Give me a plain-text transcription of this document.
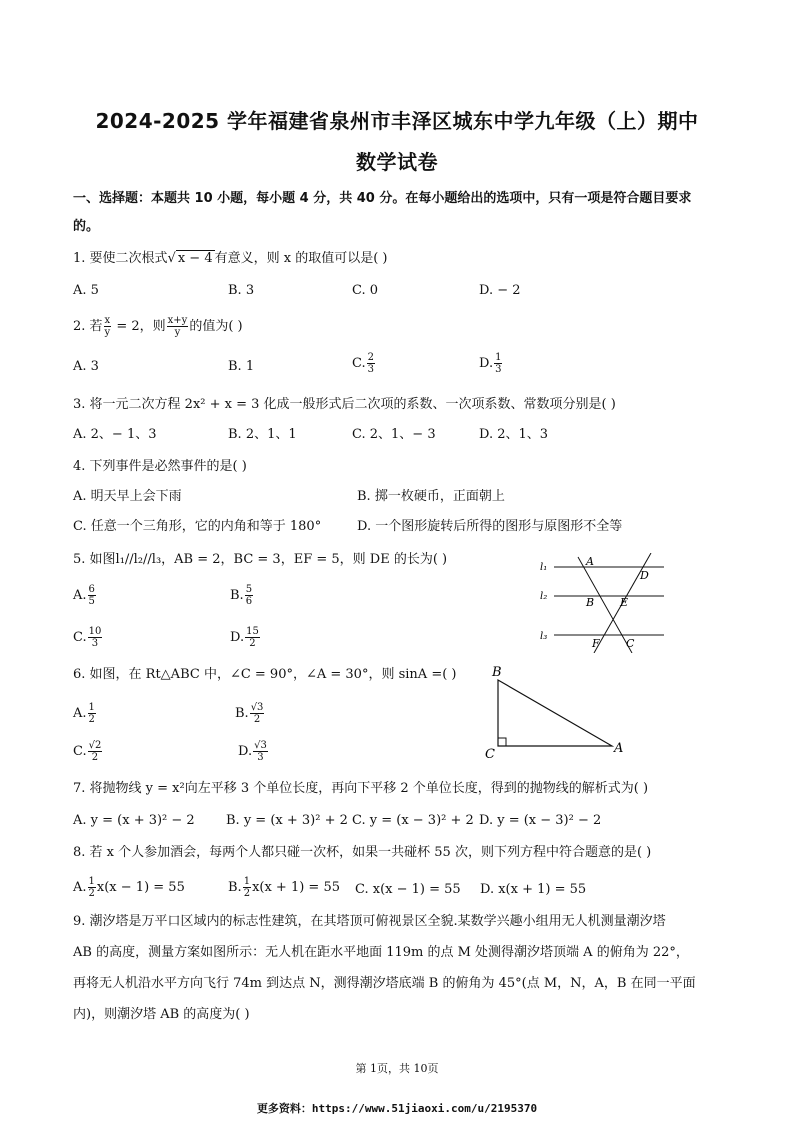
2024-2025 学年福建省泉州市丰泽区城东中学九年级（上）期中
数学试卷
一、选择题：本题共 10 小题，每小题 4 分，共 40 分。在每小题给出的选项中，只有一项是符合题目要求
的。
1. 要使二次根式√ x − 4 有意义，则 x 的取值可以是( )
A. 5	B. 3	C. 0	D. − 2
2. 若 $\frac{x}{y} = 2$，则 $\frac{x+y}{y}$ 的值为( )
A. 3	B. 1	C. $\frac{2}{3}$	D. $\frac{1}{3}$
3. 将一元二次方程 2x² + x = 3 化成一般形式后二次项的系数、一次项系数、常数项分别是( )
A. 2、− 1、3	B. 2、1、1	C. 2、1、− 3	D. 2、1、3
4. 下列事件是必然事件的是( )
A. 明天早上会下雨	B. 掷一枚硬币，正面朝上
C. 任意一个三角形，它的内角和等于 180°	D. 一个图形旋转后所得的图形与原图形不全等
5. 如图l₁//l₂//l₃，AB = 2，BC = 3，EF = 5，则 DE 的长为( )
A. $\frac{6}{5}$	B. $\frac{5}{6}$
C. $\frac{10}{3}$	D. $\frac{15}{2}$
l₁
l₂
l₃
A
D
B E
F C
6. 如图，在 Rt△ABC 中，∠C = 90°，∠A = 30°，则 sinA =( )
A. $\frac{1}{2}$	B. $\frac{√3}{2}$
C. $\frac{√2}{2}$	D. $\frac{√3}{3}$
B
C	A
7. 将抛物线 y = x²向左平移 3 个单位长度，再向下平移 2 个单位长度，得到的抛物线的解析式为( )
A. y = (x + 3)² − 2 B. y = (x + 3)² + 2 C. y = (x − 3)² + 2 D. y = (x − 3)² − 2
8. 若 x 个人参加酒会，每两个人都只碰一次杯，如果一共碰杯 55 次，则下列方程中符合题意的是( )
A. $\frac{1}{2} x(x - 1) = 55$	B. $\frac{1}{2} x(x + 1) = 55$ C. x(x − 1) = 55 D. x(x + 1) = 55
9. 潮汐塔是万平口区域内的标志性建筑，在其塔顶可俯视景区全貌.某数学兴趣小组用无人机测量潮汐塔
AB 的高度，测量方案如图所示：无人机在距水平地面 119m 的点 M 处测得潮汐塔顶端 A 的俯角为 22°，
再将无人机沿水平方向飞行 74m 到达点 N，测得潮汐塔底端 B 的俯角为 45°(点 M，N，A，B 在同一平面
内)，则潮汐塔 AB 的高度为( )
第 1页，共 10页
更多资料：https://www.51jiaoxi.com/u/2195370
